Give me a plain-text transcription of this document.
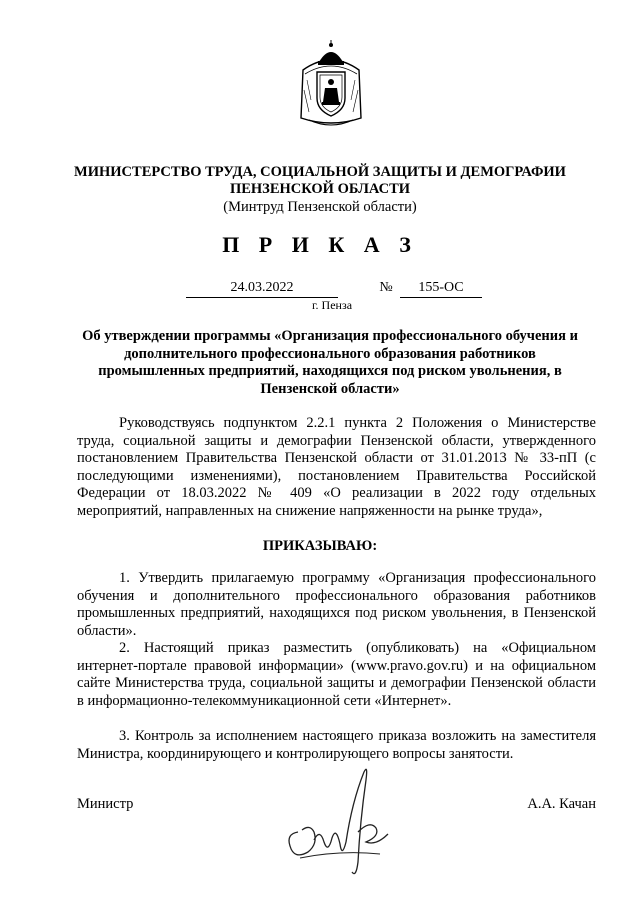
МИНИСТЕРСТВО ТРУДА, СОЦИАЛЬНОЙ ЗАЩИТЫ И ДЕМОГРАФИИ
ПЕНЗЕНСКОЙ ОБЛАСТИ
(Минтруд Пензенской области)
П Р И К А З
24.03.2022	№	155-ОС
г. Пенза
Об утверждении программы «Организация профессионального обучения и дополнительного профессионального образования работников промышленных предприятий, находящихся под риском увольнения, в Пензенской области»
Руководствуясь подпунктом 2.2.1 пункта 2 Положения о Министерстве труда, социальной защиты и демографии Пензенской области, утвержденного постановлением Правительства Пензенской области от 31.01.2013 № 33-пП (с последующими изменениями), постановлением Правительства Российской Федерации от 18.03.2022 № 409 «О реализации в 2022 году отдельных мероприятий, направленных на снижение напряженности на рынке труда»,
ПРИКАЗЫВАЮ:
1. Утвердить прилагаемую программу «Организация профессионального обучения и дополнительного профессионального образования работников промышленных предприятий, находящихся под риском увольнения, в Пензенской области».
2. Настоящий приказ разместить (опубликовать) на «Официальном интернет-портале правовой информации» (www.pravo.gov.ru) и на официальном сайте Министерства труда, социальной защиты и демографии Пензенской области в информационно-телекоммуникационной сети «Интернет».
3. Контроль за исполнением настоящего приказа возложить на заместителя Министра, координирующего и контролирующего вопросы занятости.
Министр	А.А. Качан
